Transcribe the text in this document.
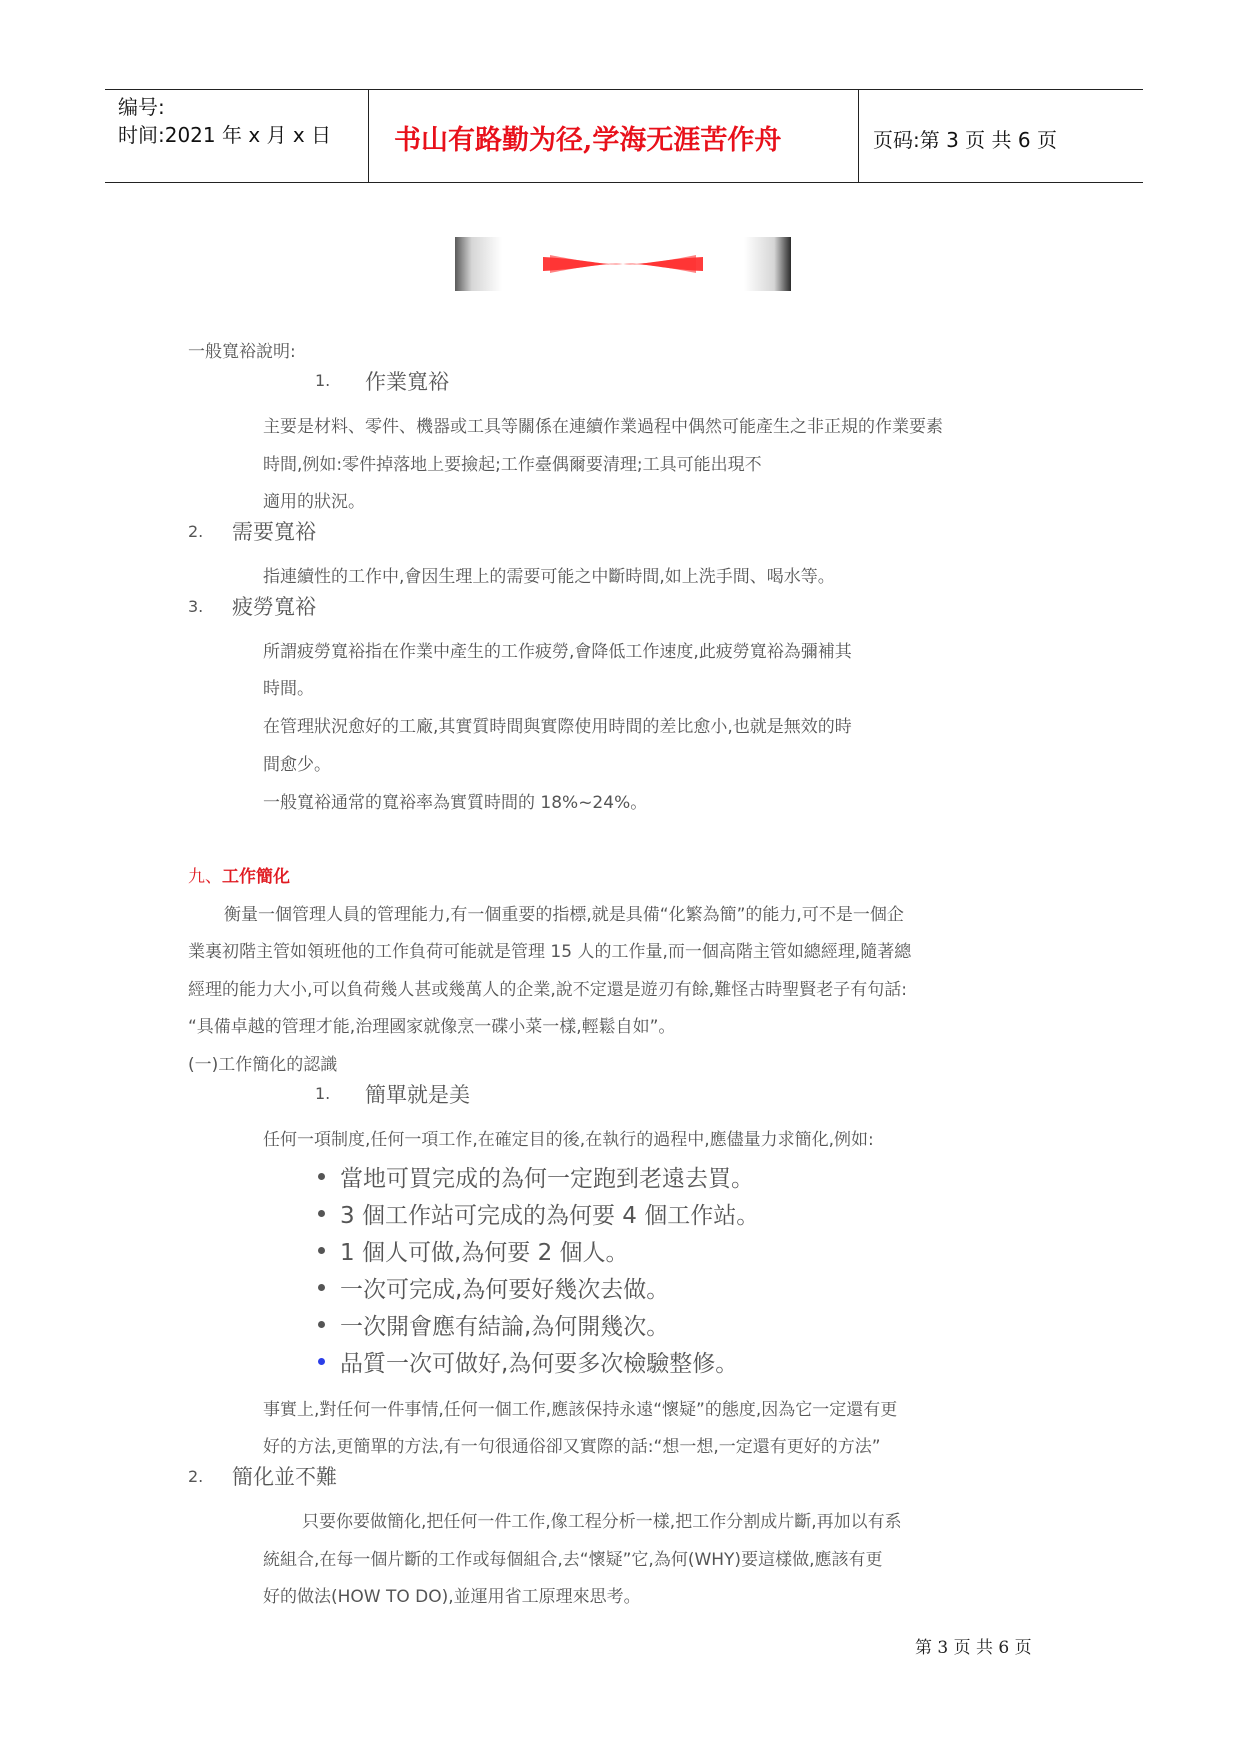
编号:
时间:2021 年 x 月 x 日 书山有路勤为径,学海无涯苦作舟	页码:第 3 页 共 6 页
一般寬裕說明:
1. 作業寬裕
主要是材料、零件、機器或工具等關係在連續作業過程中偶然可能產生之非正規的作業要素
時間,例如:零件掉落地上要撿起;工作臺偶爾要清理;工具可能出現不
適用的狀況。
2. 需要寬裕
指連續性的工作中,會因生理上的需要可能之中斷時間,如上洗手間、喝水等。
3. 疲勞寬裕
所謂疲勞寬裕指在作業中產生的工作疲勞,會降低工作速度,此疲勞寬裕為彌補其
時間。
在管理狀況愈好的工廠,其實質時間與實際使用時間的差比愈小,也就是無效的時
間愈少。
一般寬裕通常的寬裕率為實質時間的 18%~24%。
九、工作簡化
衡量一個管理人員的管理能力,有一個重要的指標,就是具備“化繁為簡”的能力,可不是一個企
業裏初階主管如領班他的工作負荷可能就是管理 15 人的工作量,而一個高階主管如總經理,隨著總
經理的能力大小,可以負荷幾人甚或幾萬人的企業,說不定還是遊刃有餘,難怪古時聖賢老子有句話:
“具備卓越的管理才能,治理國家就像烹一碟小菜一樣,輕鬆自如”。
(一)工作簡化的認識
1. 簡單就是美
任何一項制度,任何一項工作,在確定目的後,在執行的過程中,應儘量力求簡化,例如:
當地可買完成的為何一定跑到老遠去買。
3 個工作站可完成的為何要 4 個工作站。
1 個人可做,為何要 2 個人。
一次可完成,為何要好幾次去做。
一次開會應有結論,為何開幾次。
品質一次可做好,為何要多次檢驗整修。
事實上,對任何一件事情,任何一個工作,應該保持永遠“懷疑”的態度,因為它一定還有更
好的方法,更簡單的方法,有一句很通俗卻又實際的話:“想一想,一定還有更好的方法”
2. 簡化並不難
只要你要做簡化,把任何一件工作,像工程分析一樣,把工作分割成片斷,再加以有系
統組合,在每一個片斷的工作或每個組合,去“懷疑”它,為何(WHY)要這樣做,應該有更
好的做法(HOW TO DO),並運用省工原理來思考。
第 3 页 共 6 页
